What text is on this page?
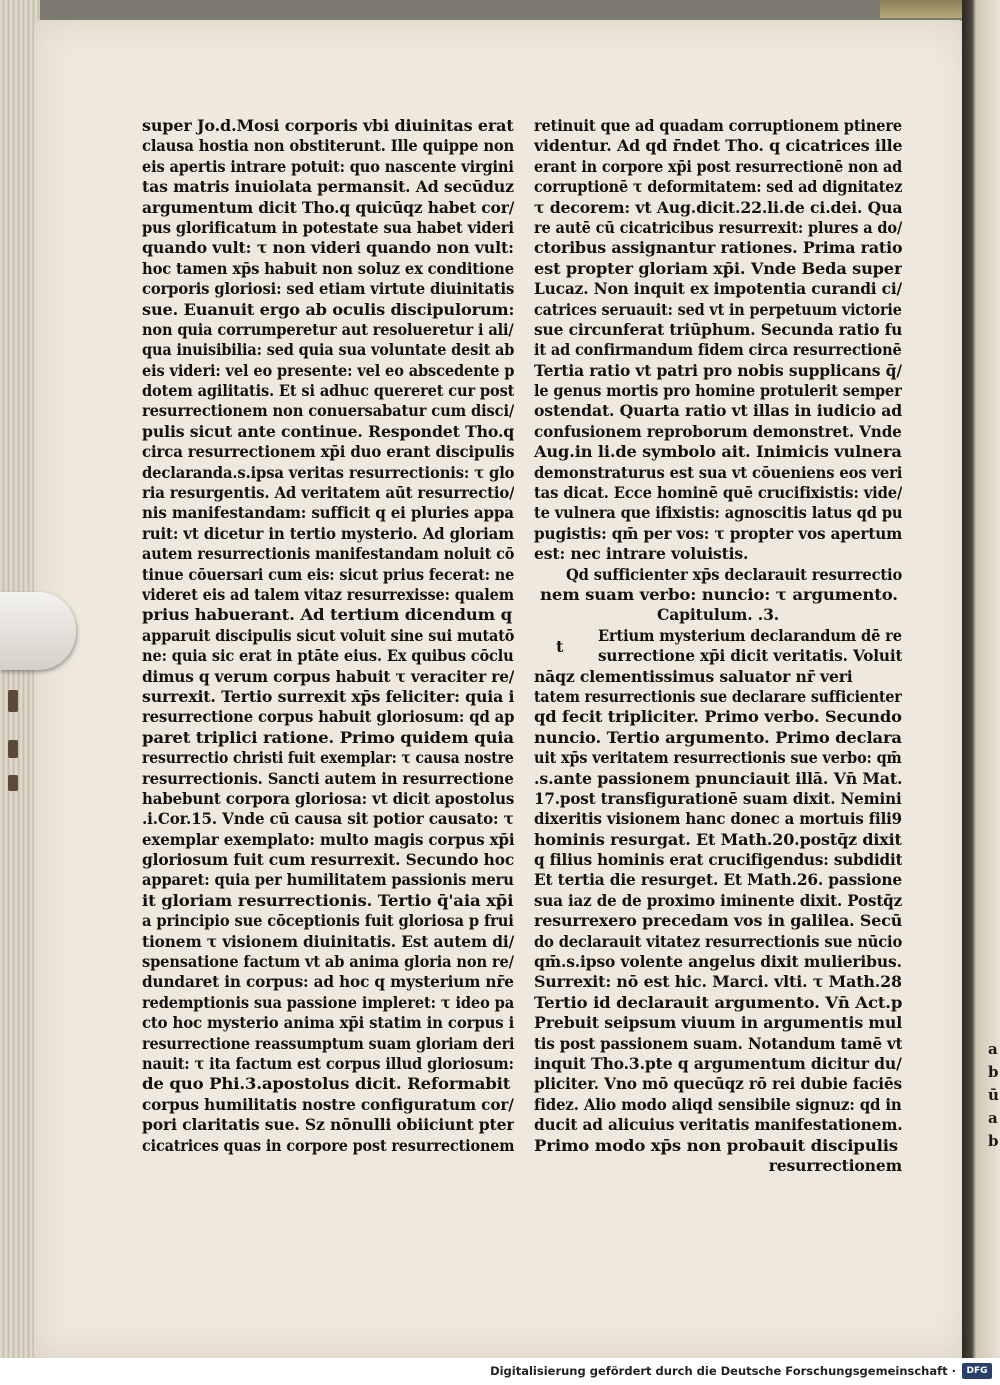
a
b
ū
a
b
super Jo.d.Mosi corporis vbi diuinitas erat
clausa hostia non obstiterunt. Ille quippe non
eis apertis intrare potuit: quo nascente virgini
tas matris inuiolata permansit. Ad secūduz
argumentum dicit Tho.q quicūqz habet cor/
pus glorificatum in potestate sua habet videri
quando vult: τ non videri quando non vult:
hoc tamen xp̄s habuit non soluz ex conditione
corporis gloriosi: sed etiam virtute diuinitatis
sue. Euanuit ergo ab oculis discipulorum:
non quia corrumperetur aut resolueretur i ali/
qua inuisibilia: sed quia sua voluntate desit ab
eis videri: vel eo presente: vel eo abscedente p
dotem agilitatis. Et si adhuc quereret cur post
resurrectionem non conuersabatur cum disci/
pulis sicut ante continue. Respondet Tho.q
circa resurrectionem xp̄i duo erant discipulis
declaranda.s.ipsa veritas resurrectionis: τ glo
ria resurgentis. Ad veritatem aūt resurrectio/
nis manifestandam: sufficit q ei pluries appa
ruit: vt dicetur in tertio mysterio. Ad gloriam
autem resurrectionis manifestandam noluit cō
tinue cōuersari cum eis: sicut prius fecerat: ne
videret eis ad talem vitaz resurrexisse: qualem
prius habuerant. Ad tertium dicendum q
apparuit discipulis sicut voluit sine sui mutatō
ne: quia sic erat in ptāte eius. Ex quibus cōclu
dimus q verum corpus habuit τ veraciter re/
surrexit. Tertio surrexit xp̄s feliciter: quia i
resurrectione corpus habuit gloriosum: qd ap
paret triplici ratione. Primo quidem quia
resurrectio christi fuit exemplar: τ causa nostre
resurrectionis. Sancti autem in resurrectione
habebunt corpora gloriosa: vt dicit apostolus
.i.Cor.15. Vnde cū causa sit potior causato: τ
exemplar exemplato: multo magis corpus xp̄i
gloriosum fuit cum resurrexit. Secundo hoc
apparet: quia per humilitatem passionis meru
it gloriam resurrectionis. Tertio q̄'aia xp̄i
a principio sue cōceptionis fuit gloriosa p frui
tionem τ visionem diuinitatis. Est autem di/
spensatione factum vt ab anima gloria non re/
dundaret in corpus: ad hoc q mysterium nr̄e
redemptionis sua passione impleret: τ ideo pa
cto hoc mysterio anima xp̄i statim in corpus i
resurrectione reassumptum suam gloriam deri
nauit: τ ita factum est corpus illud gloriosum:
de quo Phi.3.apostolus dicit. Reformabit
corpus humilitatis nostre configuratum cor/
pori claritatis sue. Sz nōnulli obiiciunt pter
cicatrices quas in corpore post resurrectionem
retinuit que ad quadam corruptionem ptinere
videntur. Ad qd r̄ndet Tho. q cicatrices ille
erant in corpore xp̄i post resurrectionē non ad
corruptionē τ deformitatem: sed ad dignitatez
τ decorem: vt Aug.dicit.22.li.de ci.dei. Qua
re autē cū cicatricibus resurrexit: plures a do/
ctoribus assignantur rationes. Prima ratio
est propter gloriam xp̄i. Vnde Beda super
Lucaz. Non inquit ex impotentia curandi ci/
catrices seruauit: sed vt in perpetuum victorie
sue circunferat triūphum. Secunda ratio fu
it ad confirmandum fidem circa resurrectionē
Tertia ratio vt patri pro nobis supplicans q̄/
le genus mortis pro homine protulerit semper
ostendat. Quarta ratio vt illas in iudicio ad
confusionem reproborum demonstret. Vnde
Aug.in li.de symbolo ait. Inimicis vulnera
demonstraturus est sua vt cōueniens eos veri
tas dicat. Ecce hominē quē crucifixistis: vide/
te vulnera que ifixistis: agnoscitis latus qd pu
pugistis: qm̄ per vos: τ propter vos apertum
est: nec intrare voluistis.
Qd sufficienter xp̄s declarauit resurrectio
nem suam verbo: nuncio: τ argumento.
Capitulum. .3.
Ertium mysterium declarandum dē re
surrectione xp̄i dicit veritatis. Voluit
nāqz clementissimus saluator nr̄ veri
tatem resurrectionis sue declarare sufficienter
qd fecit tripliciter. Primo verbo. Secundo
nuncio. Tertio argumento. Primo declara
uit xp̄s veritatem resurrectionis sue verbo: qm̄
.s.ante passionem pnunciauit illā. Vn̄ Mat.
17.post transfigurationē suam dixit. Nemini
dixeritis visionem hanc donec a mortuis fili9
hominis resurgat. Et Math.20.postq̄z dixit
q filius hominis erat crucifigendus: subdidit
Et tertia die resurget. Et Math.26. passione
sua iaz de de proximo iminente dixit. Postq̄z
resurrexero precedam vos in galilea. Secū
do declarauit vitatez resurrectionis sue nūcio
qm̄.s.ipso volente angelus dixit mulieribus.
Surrexit: nō est hic. Marci. vlti. τ Math.28
Tertio id declarauit argumento. Vn̄ Act.p
Prebuit seipsum viuum in argumentis mul
tis post passionem suam. Notandum tamē vt
inquit Tho.3.pte q argumentum dicitur du/
pliciter. Vno mō quecūqz rō rei dubie faciēs
fidez. Alio modo aliqd sensibile signuz: qd in
ducit ad alicuius veritatis manifestationem.
Primo modo xp̄s non probauit discipulis
resurrectionem
t
Digitalisierung gefördert durch die Deutsche Forschungsgemeinschaft ·	DFG
